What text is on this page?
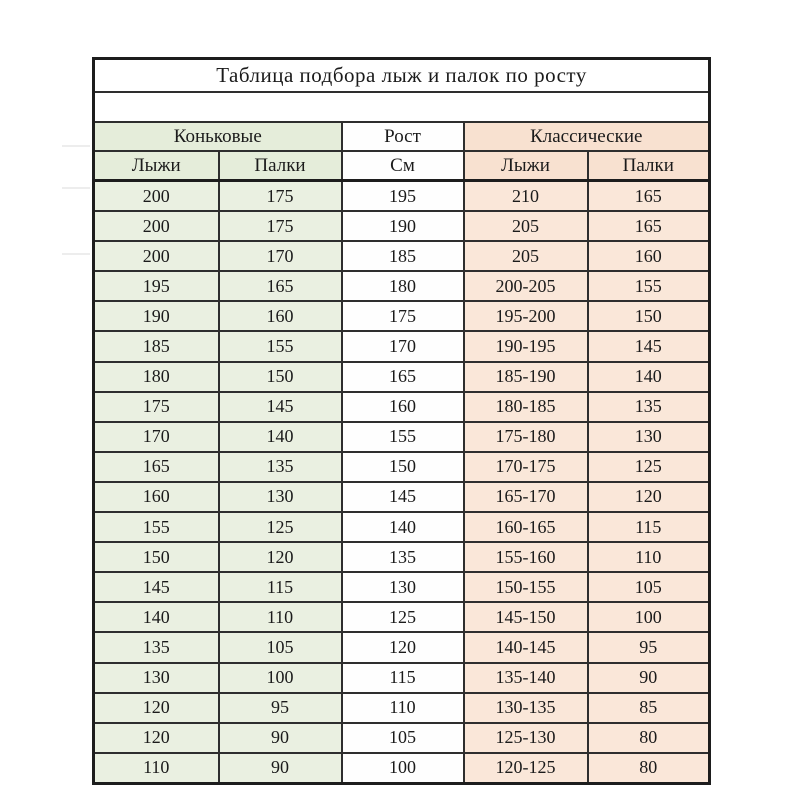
Таблица подбора лыж и палок по росту				

Коньковые		Рост	Классические	
Лыжи	Палки	См	Лыжи	Палки
200	175	195	210	165
200	175	190	205	165
200	170	185	205	160
195	165	180	200-205	155
190	160	175	195-200	150
185	155	170	190-195	145
180	150	165	185-190	140
175	145	160	180-185	135
170	140	155	175-180	130
165	135	150	170-175	125
160	130	145	165-170	120
155	125	140	160-165	115
150	120	135	155-160	110
145	115	130	150-155	105
140	110	125	145-150	100
135	105	120	140-145	95
130	100	115	135-140	90
120	95	110	130-135	85
120	90	105	125-130	80
110	90	100	120-125	80
